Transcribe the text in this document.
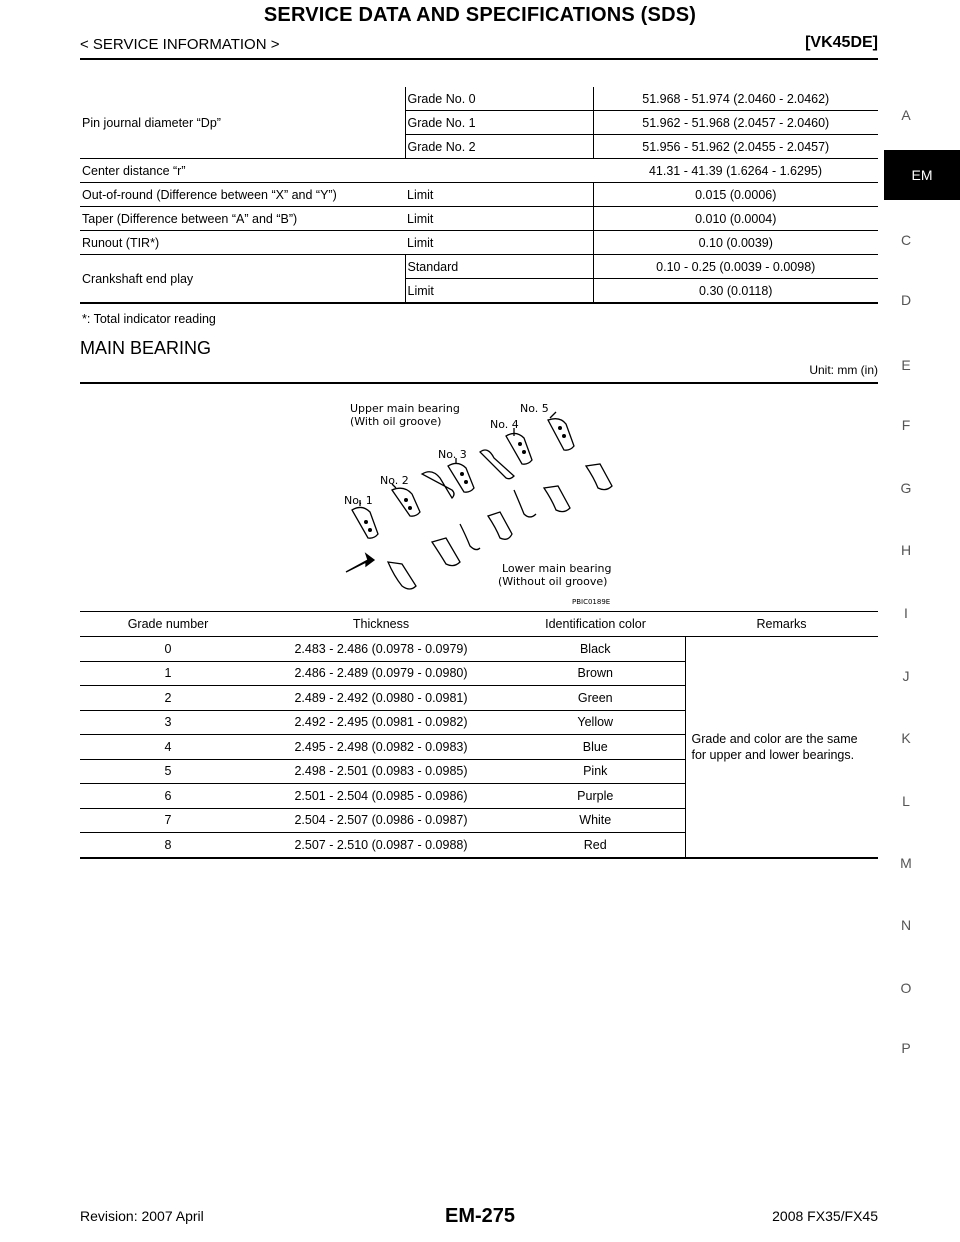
SERVICE DATA AND SPECIFICATIONS (SDS)
< SERVICE INFORMATION >	[VK45DE]
A
EM
C
D
E
F
G
H
I
J
K
L
M
N
O
P
Pin journal diameter “Dp”	Grade No. 0	51.968 - 51.974 (2.0460 - 2.0462)
	Grade No. 1	51.962 - 51.968 (2.0457 - 2.0460)
	Grade No. 2	51.956 - 51.962 (2.0455 - 2.0457)
Center distance “r”		41.31 - 41.39 (1.6264 - 1.6295)
Out-of-round (Difference between “X” and “Y”)	Limit	0.015 (0.0006)
Taper (Difference between “A” and “B”)	Limit	0.010 (0.0004)
Runout (TIR*)	Limit	0.10 (0.0039)
Crankshaft end play	Standard	0.10 - 0.25 (0.0039 - 0.0098)
	Limit	0.30 (0.0118)
*: Total indicator reading
MAIN BEARING
Unit: mm (in)
Upper main bearing
(With oil groove)
No. 1
No. 2
No. 3
No. 4
No. 5
Lower main bearing
(Without oil groove)
PBIC0189E
Grade number	Thickness	Identification color	Remarks
0	2.483 - 2.486 (0.0978 - 0.0979)	Black	Grade and color are the same
for upper and lower bearings.
1	2.486 - 2.489 (0.0979 - 0.0980)	Brown	
2	2.489 - 2.492 (0.0980 - 0.0981)	Green	
3	2.492 - 2.495 (0.0981 - 0.0982)	Yellow	
4	2.495 - 2.498 (0.0982 - 0.0983)	Blue	
5	2.498 - 2.501 (0.0983 - 0.0985)	Pink	
6	2.501 - 2.504 (0.0985 - 0.0986)	Purple	
7	2.504 - 2.507 (0.0986 - 0.0987)	White	
8	2.507 - 2.510 (0.0987 - 0.0988)	Red	
Revision: 2007 April	EM-275	2008 FX35/FX45
